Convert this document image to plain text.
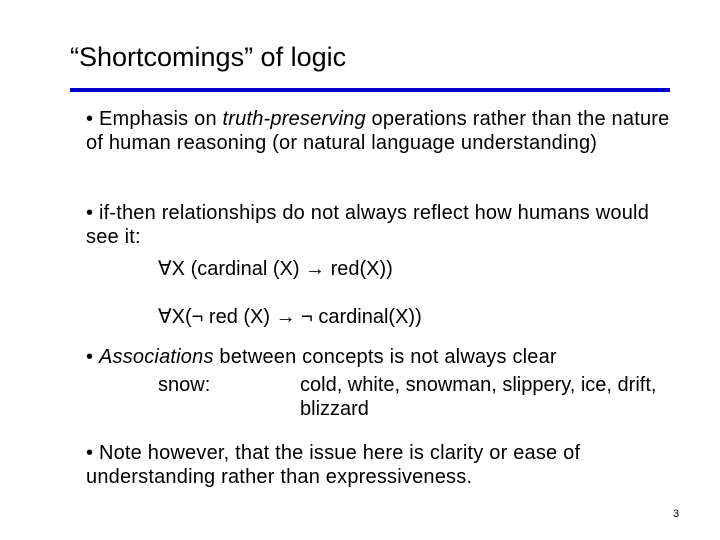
“Shortcomings” of logic
• Emphasis on truth-preserving operations rather than the nature of human reasoning (or natural language understanding)
• if-then relationships do not always reflect how humans would see it:
∀X (cardinal (X) → red(X))
∀X(¬ red (X) → ¬ cardinal(X))
• Associations between concepts is not always clear
snow:	cold, white, snowman, slippery, ice, drift, blizzard
• Note however, that the issue here is clarity or ease of understanding rather than expressiveness.
3
